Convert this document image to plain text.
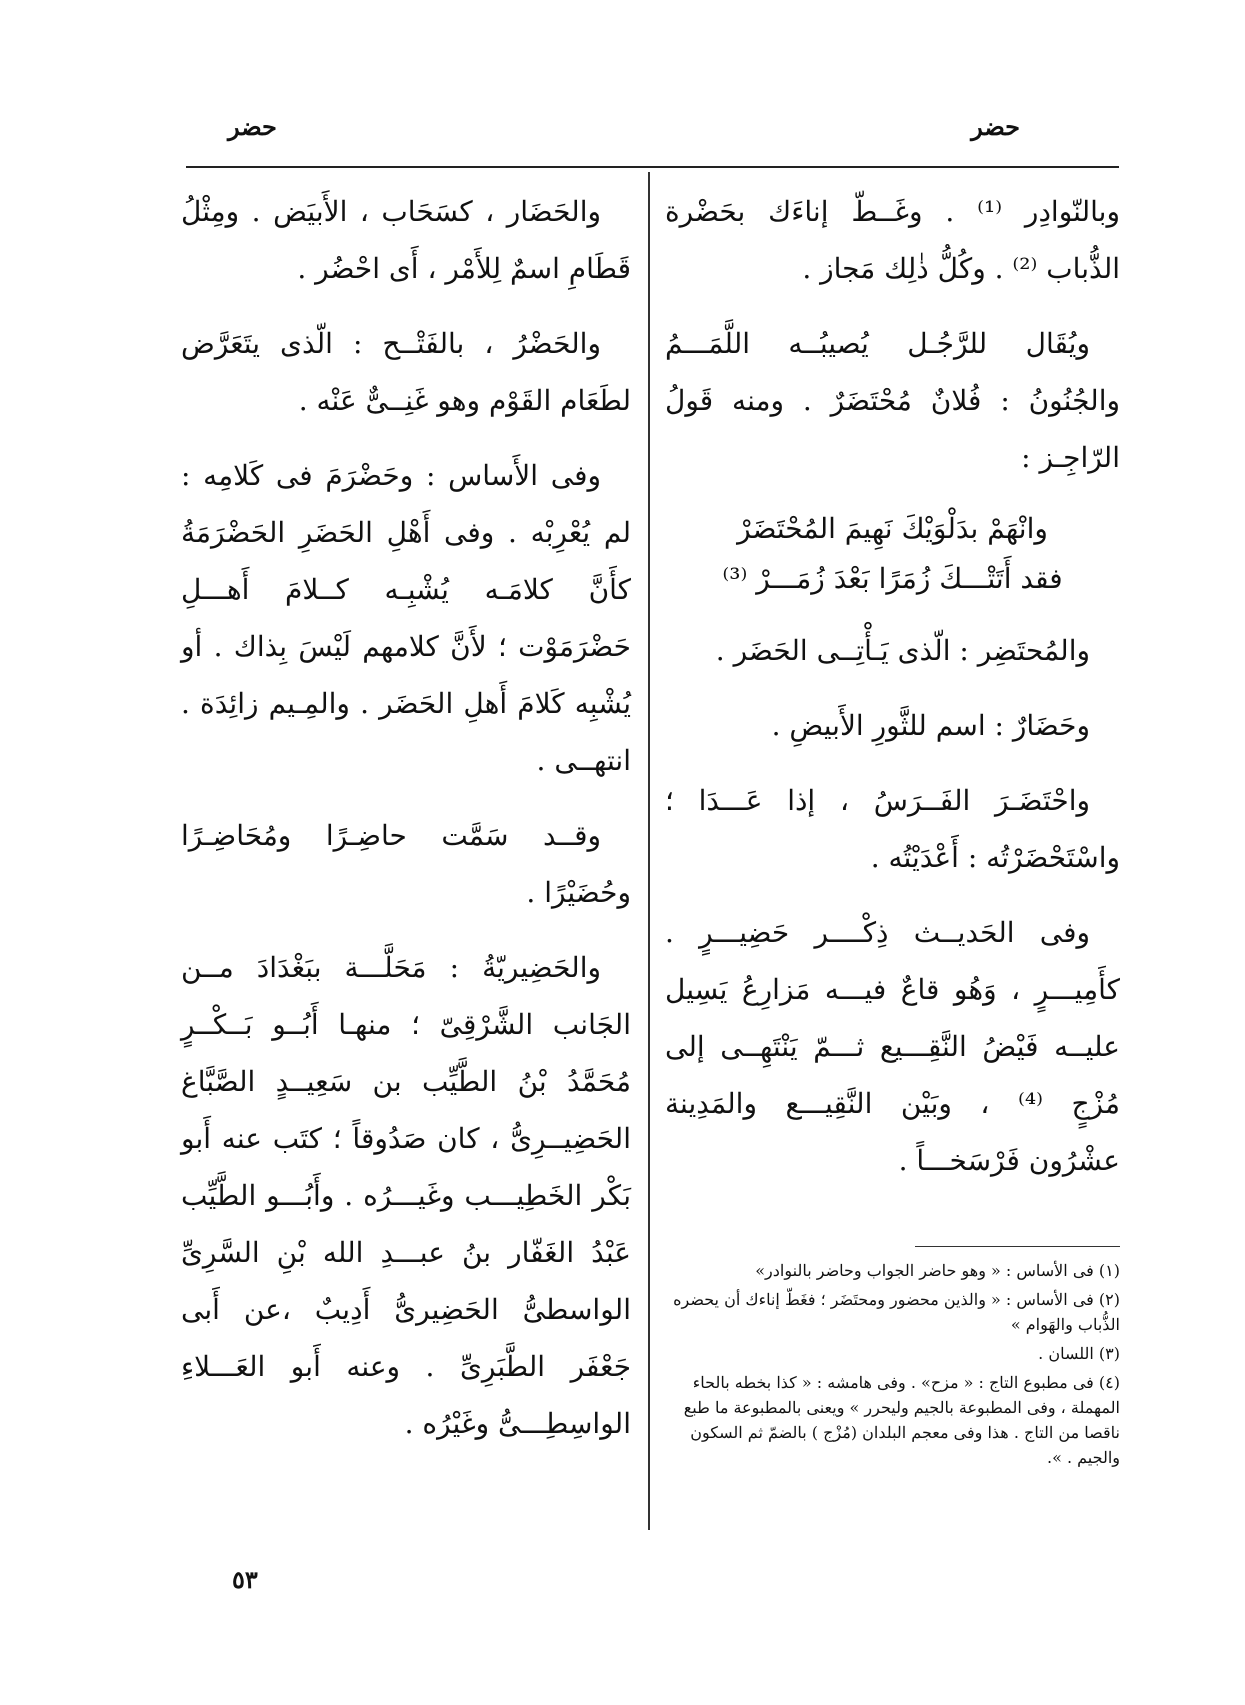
حضر
حضر

وبالنّوادِر ⁽¹⁾ . وغَــطّ إناءَك بحَضْرة الذُّباب ⁽²⁾ . وكُلُّ ذٰلِك مَجاز .

ويُقَال للرَّجُـل يُصيبُــه اللَّمَـــمُ والجُنُونُ : فُلانٌ مُحْتَضَرٌ . ومنه قَولُ الرّاجِـز :

وانْهَمْ بدَلْوَيْكَ نَهِيمَ المُحْتَضَرْ
فقد أَتَتْـــكَ زُمَرًا بَعْدَ زُمَـــرْ ⁽³⁾

والمُحتَضِر : الّذى يَـأْتِــى الحَضَر .

وحَضَارٌ : اسم للثَّورِ الأَبيضِ .

واحْتَضَـرَ الفَــرَسُ ، إذا عَـــدَا ؛ واسْتَحْضَرْتُه : أَعْدَيْتُه .

وفى الحَديــث ذِكْــــر حَضِيـــرٍ . كأَمِيـــرٍ ، وَهُو قاعٌ فيـــه مَزارِعُ يَسِيل عليــه فَيْضُ النَّقِـــيع ثـــمّ يَنْتَهِــى إلى مُزْجٍ ⁽⁴⁾ ، وبَيْن النَّقِيـــع والمَدِينة عشْرُون فَرْسَخـــاً .

والحَضَار ، كسَحَاب ، الأَبيَض . ومِثْلُ قَطَامِ اسمٌ لِلأَمْر ، أَى احْضُر .

والحَضْرُ ، بالفَتْــح : الّذى يتَعَرَّض لطَعَام القَوْم وهو غَنِــىٌّ عَنْه .

وفى الأَساس : وحَضْرَمَ فى كَلامِه : لم يُعْرِبْه . وفى أَهْلِ الحَضَرِ الحَضْرَمَةُ كأَنَّ كلامَـه يُشْبِـه كــلامَ أَهـــلِ حَضْرَمَوْت ؛ لأَنَّ كلامهم لَيْسَ بِذاك . أو يُشْبِه كَلامَ أَهلِ الحَضَر . والمِـيم زائِدَة . انتهــى .

وقــد سَمَّت حاضِـرًا ومُحَاضِـرًا وحُضَيْرًا .

والحَضِيريّةُ : مَحَلَّـــة ببَغْدَادَ مــن الجَانب الشَّرْقِىّ ؛ منهـا أَبُــو بَــكْــرٍ مُحَمَّدُ بْنُ الطَّيِّب بن سَعِيــدٍ الصَّبَّاغ الحَضِيــرِىُّ ، كان صَدُوقاً ؛ كتَب عنه أَبو بَكْر الخَطِيـــب وغَيـــرُه . وأَبُـــو الطَّيِّب عَبْدُ الغَفّار بنُ عبـــدِ الله بْنِ السَّرِىِّ الواسطىُّ الحَضِيرىُّ أَدِيبٌ ،عن أَبى جَعْفَر الطَّبَرِىِّ . وعنه أَبو العَـــلاءِ الواسِطِـــىُّ وغَيْرُه .

(١) فى الأساس : « وهو حاضر الجواب وحاضر بالنوادر»
(٢) فى الأساس : « والذين محضور ومحتَضَر ؛ فغَطّ إناءك أن يحضره الذُّباب والهَوام »
(٣) اللسان .
(٤) فى مطبوع التاج : « مزح» . وفى هامشه : « كذا بخطه بالحاء المهملة ، وفى المطبوعة بالجيم وليحرر » ويعنى بالمطبوعة ما طبع ناقصا من التاج . هذا وفى معجم البلدان (مُزْج ) بالضمّ ثم السكون والجيم . ».
٥٣
